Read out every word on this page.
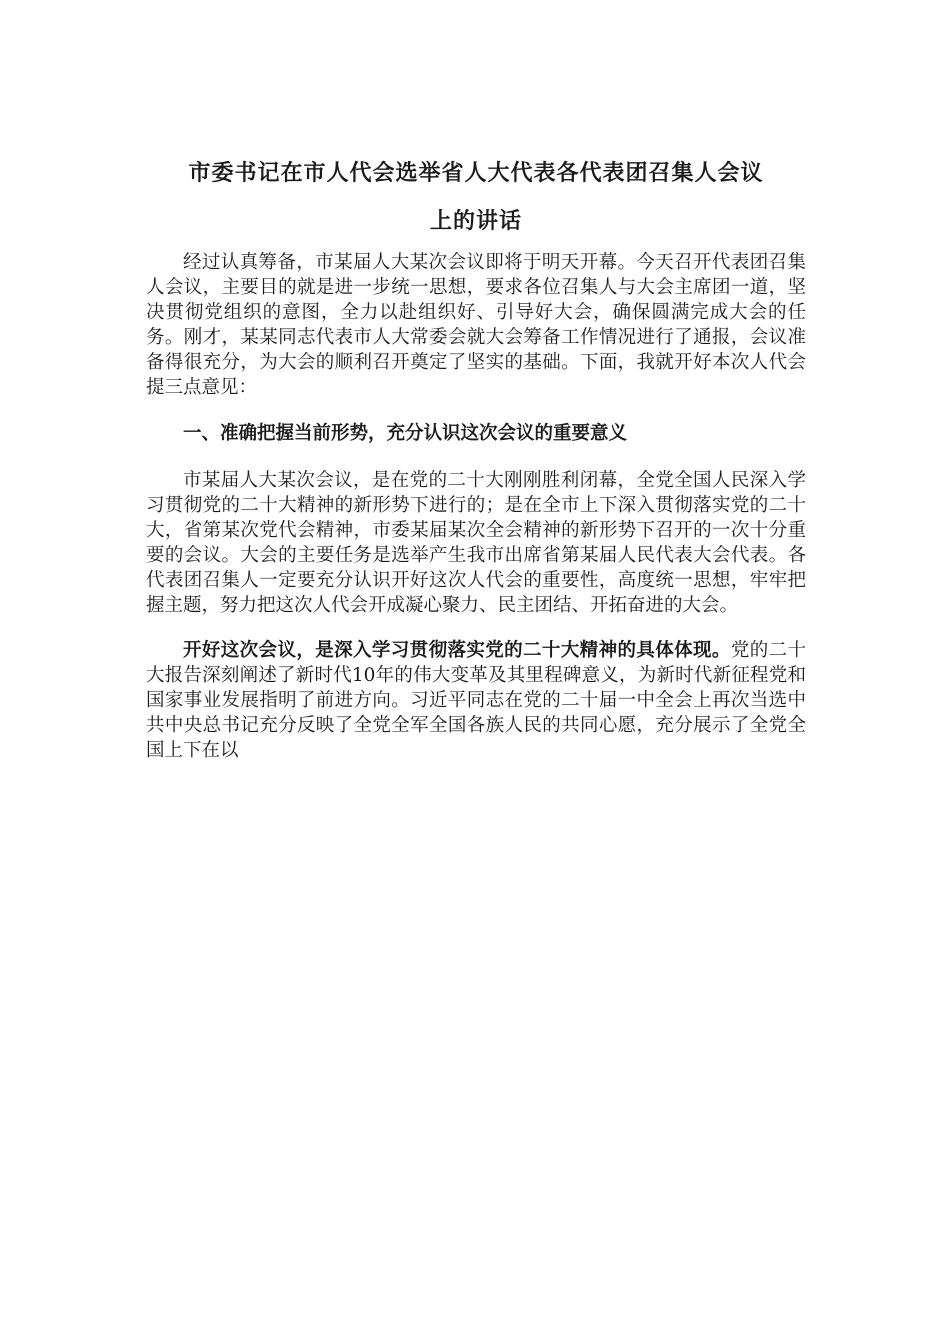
市委书记在市人代会选举省人大代表各代表团召集人会议

上的讲话

经过认真筹备，市某届人大某次会议即将于明天开幕。今天召开代表团召集人会议，主要目的就是进一步统一思想，要求各位召集人与大会主席团一道，坚决贯彻党组织的意图，全力以赴组织好、引导好大会，确保圆满完成大会的任务。刚才，某某同志代表市人大常委会就大会筹备工作情况进行了通报，会议准备得很充分，为大会的顺利召开奠定了坚实的基础。下面，我就开好本次人代会提三点意见：

一、准确把握当前形势，充分认识这次会议的重要意义

市某届人大某次会议，是在党的二十大刚刚胜利闭幕，全党全国人民深入学习贯彻党的二十大精神的新形势下进行的；是在全市上下深入贯彻落实党的二十大，省第某次党代会精神，市委某届某次全会精神的新形势下召开的一次十分重要的会议。大会的主要任务是选举产生我市出席省第某届人民代表大会代表。各代表团召集人一定要充分认识开好这次人代会的重要性，高度统一思想，牢牢把握主题，努力把这次人代会开成凝心聚力、民主团结、开拓奋进的大会。

开好这次会议，是深入学习贯彻落实党的二十大精神的具体体现。党的二十大报告深刻阐述了新时代10年的伟大变革及其里程碑意义，为新时代新征程党和国家事业发展指明了前进方向。习近平同志在党的二十届一中全会上再次当选中共中央总书记充分反映了全党全军全国各族人民的共同心愿，充分展示了全党全国上下在以
